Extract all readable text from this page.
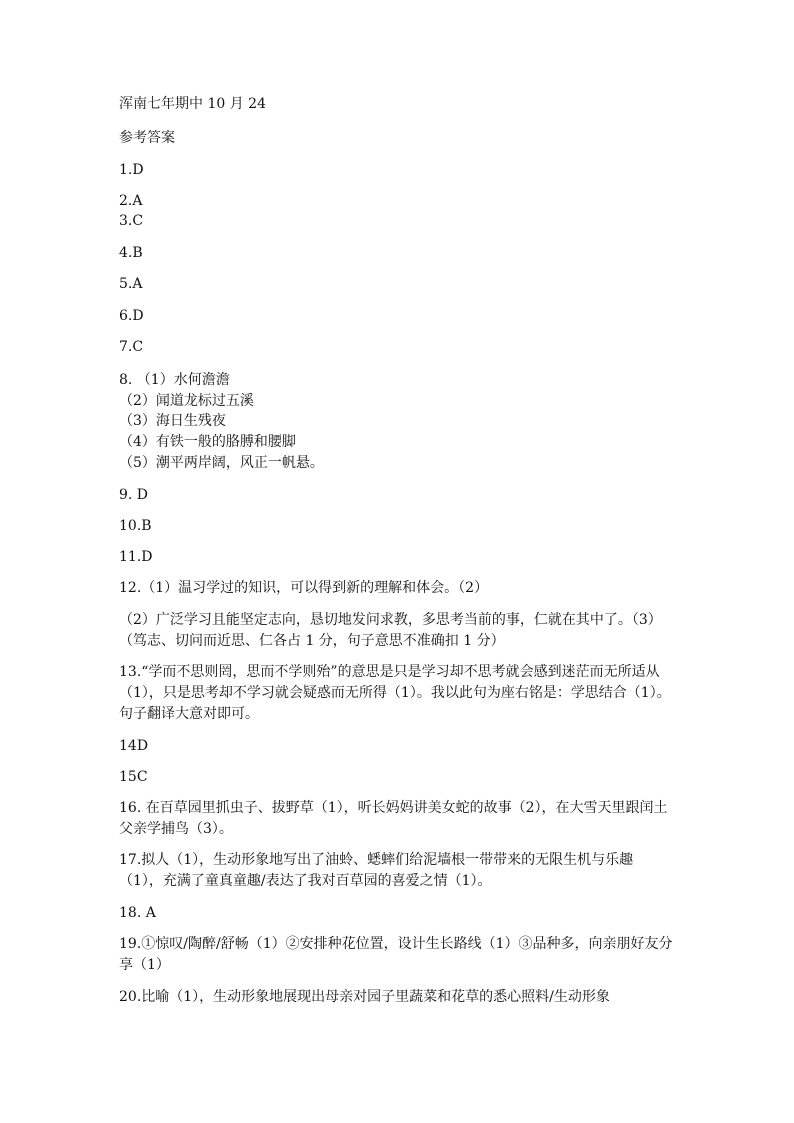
浑南七年期中 10 月 24
参考答案
1.D
2.A
3.C
4.B
5.A
6.D
7.C
8. （1）水何澹澹
（2）闻道龙标过五溪
（3）海日生残夜
（4）有铁一般的胳膊和腰脚
（5）潮平两岸阔，风正一帆悬。
9. D
10.B
11.D
12.（1）温习学过的知识，可以得到新的理解和体会。（2）
（2）广泛学习且能坚定志向，恳切地发问求教，多思考当前的事，仁就在其中了。（3）（笃志、切问而近思、仁各占 1 分，句子意思不准确扣 1 分）
13.“学而不思则罔，思而不学则殆”的意思是只是学习却不思考就会感到迷茫而无所适从（1），只是思考却不学习就会疑惑而无所得（1）。我以此句为座右铭是：学思结合（1）。句子翻译大意对即可。
14D
15C
16. 在百草园里抓虫子、拔野草（1），听长妈妈讲美女蛇的故事（2），在大雪天里跟闰土父亲学捕鸟（3）。
17.拟人（1），生动形象地写出了油蛉、蟋蟀们给泥墙根一带带来的无限生机与乐趣（1），充满了童真童趣/表达了我对百草园的喜爱之情（1）。
18. A
19.①惊叹/陶醉/舒畅（1）②安排种花位置，设计生长路线（1）③品种多，向亲朋好友分享（1）
20.比喻（1），生动形象地展现出母亲对园子里蔬菜和花草的悉心照料/生动形象
